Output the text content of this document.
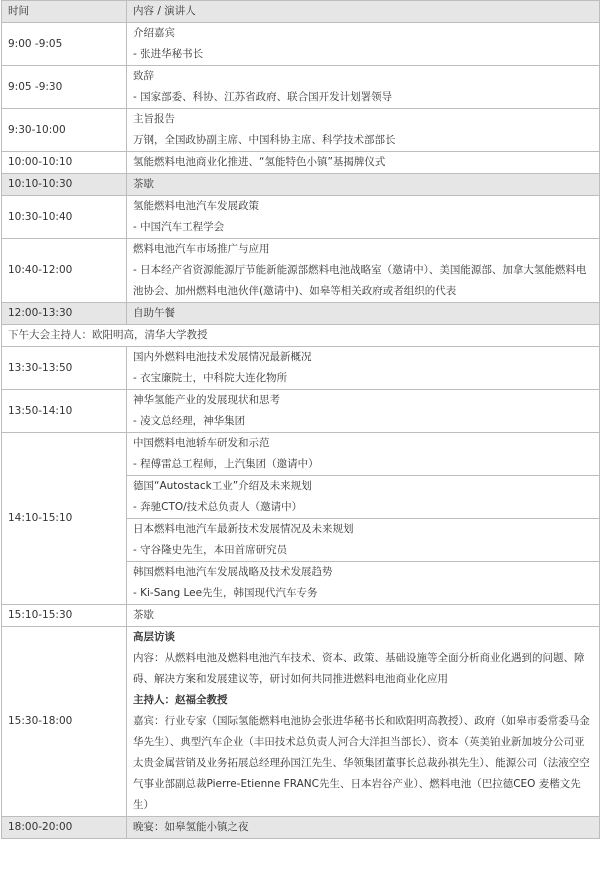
时间	内容 / 演讲人
9:00 -9:05	介绍嘉宾
- 张进华秘书长

9:05 -9:30	致辞
- 国家部委、科协、江苏省政府、联合国开发计划署领导

9:30-10:00	主旨报告
万钢，全国政协副主席、中国科协主席、科学技术部部长

10:00-10:10	氢能燃料电池商业化推进、“氢能特色小镇”基揭牌仪式
10:10-10:30	茶歇
10:30-10:40	氢能燃料电池汽车发展政策
- 中国汽车工程学会

10:40-12:00	燃料电池汽车市场推广与应用
- 日本经产省资源能源厅节能新能源部燃料电池战略室（邀请中）、美国能源部、加拿大氢能燃料电池协会、加州燃料电池伙伴(邀请中)、如皋等相关政府或者组织的代表

12:00-13:30	自助午餐
下午大会主持人：欧阳明高，清华大学教授	
13:30-13:50	国内外燃料电池技术发展情况最新概况
- 衣宝廉院士，中科院大连化物所

13:50-14:10	神华氢能产业的发展现状和思考
- 凌文总经理，神华集团

14:10-15:10	中国燃料电池轿车研发和示范
- 程傅雷总工程师，上汽集团（邀请中）

	德国“Autostack工业”介绍及未来规划
- 奔驰CTO/技术总负责人（邀请中）

	日本燃料电池汽车最新技术发展情况及未来规划
- 守谷隆史先生，本田首席研究员

	韩国燃料电池汽车发展战略及技术发展趋势
- Ki-Sang Lee先生，韩国现代汽车专务

15:10-15:30	茶歇
15:30-18:00	高层访谈
内容：从燃料电池及燃料电池汽车技术、资本、政策、基础设施等全面分析商业化遇到的问题、障碍、解决方案和发展建议等，研讨如何共同推进燃料电池商业化应用
主持人：赵福全教授
嘉宾：行业专家（国际氢能燃料电池协会张进华秘书长和欧阳明高教授）、政府（如皋市委常委马金华先生）、典型汽车企业（丰田技术总负责人河合大洋担当部长）、资本（英美铂业新加坡分公司亚太贵金属营销及业务拓展总经理孙国江先生、华领集团董事长总裁孙祺先生）、能源公司（法液空空气事业部副总裁Pierre-Etienne FRANC先生、日本岩谷产业）、燃料电池（巴拉德CEO 麦楷文先生）

18:00-20:00	晚宴：如皋氢能小镇之夜
